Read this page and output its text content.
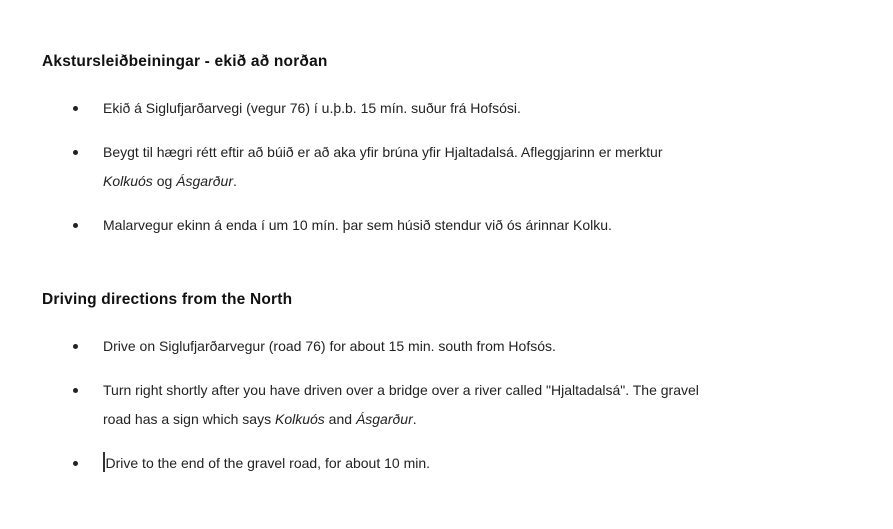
Akstursleiðbeiningar - ekið að norðan
Ekið á Siglufjarðarvegi (vegur 76) í u.þ.b. 15 mín. suður frá Hofsósi.
Beygt til hægri rétt eftir að búið er að aka yfir brúna yfir Hjaltadalsá. Afleggjarinn er merktur
Kolkuós og Ásgarður.
Malarvegur ekinn á enda í um 10 mín. þar sem húsið stendur við ós árinnar Kolku.
Driving directions from the North
Drive on Siglufjarðarvegur (road 76) for about 15 min. south from Hofsós.
Turn right shortly after you have driven over a bridge over a river called "Hjaltadalsá". The gravel
road has a sign which says Kolkuós and Ásgarður.
Drive to the end of the gravel road, for about 10 min.
